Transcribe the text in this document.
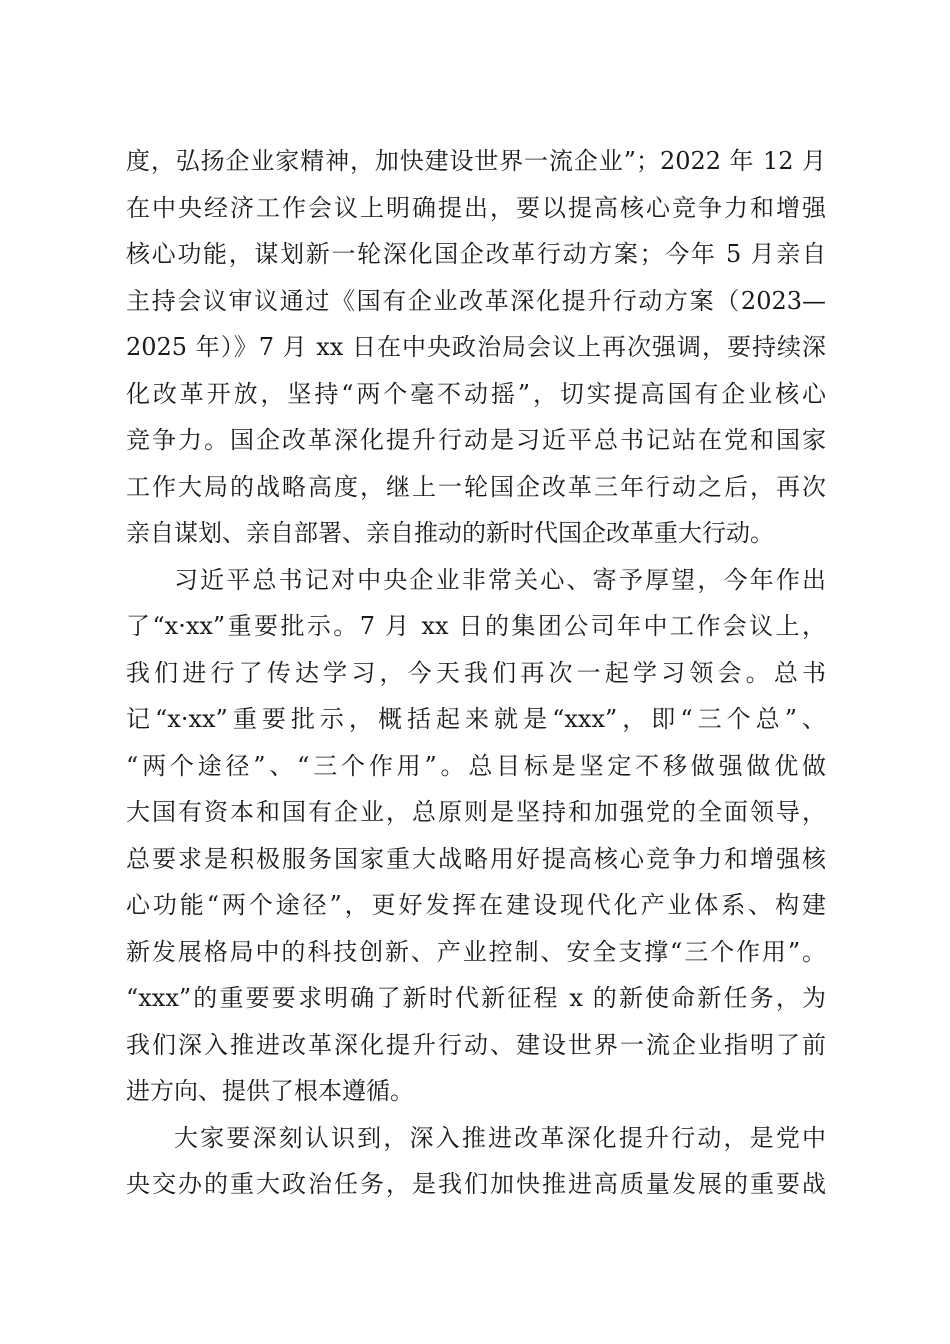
度，弘扬企业家精神，加快建设世界一流企业”；2022 年 12 月
在中央经济工作会议上明确提出，要以提高核心竞争力和增强
核心功能，谋划新一轮深化国企改革行动方案；今年 5 月亲自
主持会议审议通过《国有企业改革深化提升行动方案（2023—
2025 年）》7 月 xx 日在中央政治局会议上再次强调，要持续深
化改革开放，坚持“两个毫不动摇”，切实提高国有企业核心
竞争力。国企改革深化提升行动是习近平总书记站在党和国家
工作大局的战略高度，继上一轮国企改革三年行动之后，再次
亲自谋划、亲自部署、亲自推动的新时代国企改革重大行动。
习近平总书记对中央企业非常关心、寄予厚望，今年作出
了“x·xx”重要批示。7 月 xx 日的集团公司年中工作会议上，
我们进行了传达学习，今天我们再次一起学习领会。总书
记“x·xx”重要批示，概括起来就是“xxx”，即“三个总”、
“两个途径”、“三个作用”。总目标是坚定不移做强做优做
大国有资本和国有企业，总原则是坚持和加强党的全面领导，
总要求是积极服务国家重大战略用好提高核心竞争力和增强核
心功能“两个途径”，更好发挥在建设现代化产业体系、构建
新发展格局中的科技创新、产业控制、安全支撑“三个作用”。
“xxx”的重要要求明确了新时代新征程 x 的新使命新任务，为
我们深入推进改革深化提升行动、建设世界一流企业指明了前
进方向、提供了根本遵循。
大家要深刻认识到，深入推进改革深化提升行动，是党中
央交办的重大政治任务，是我们加快推进高质量发展的重要战
